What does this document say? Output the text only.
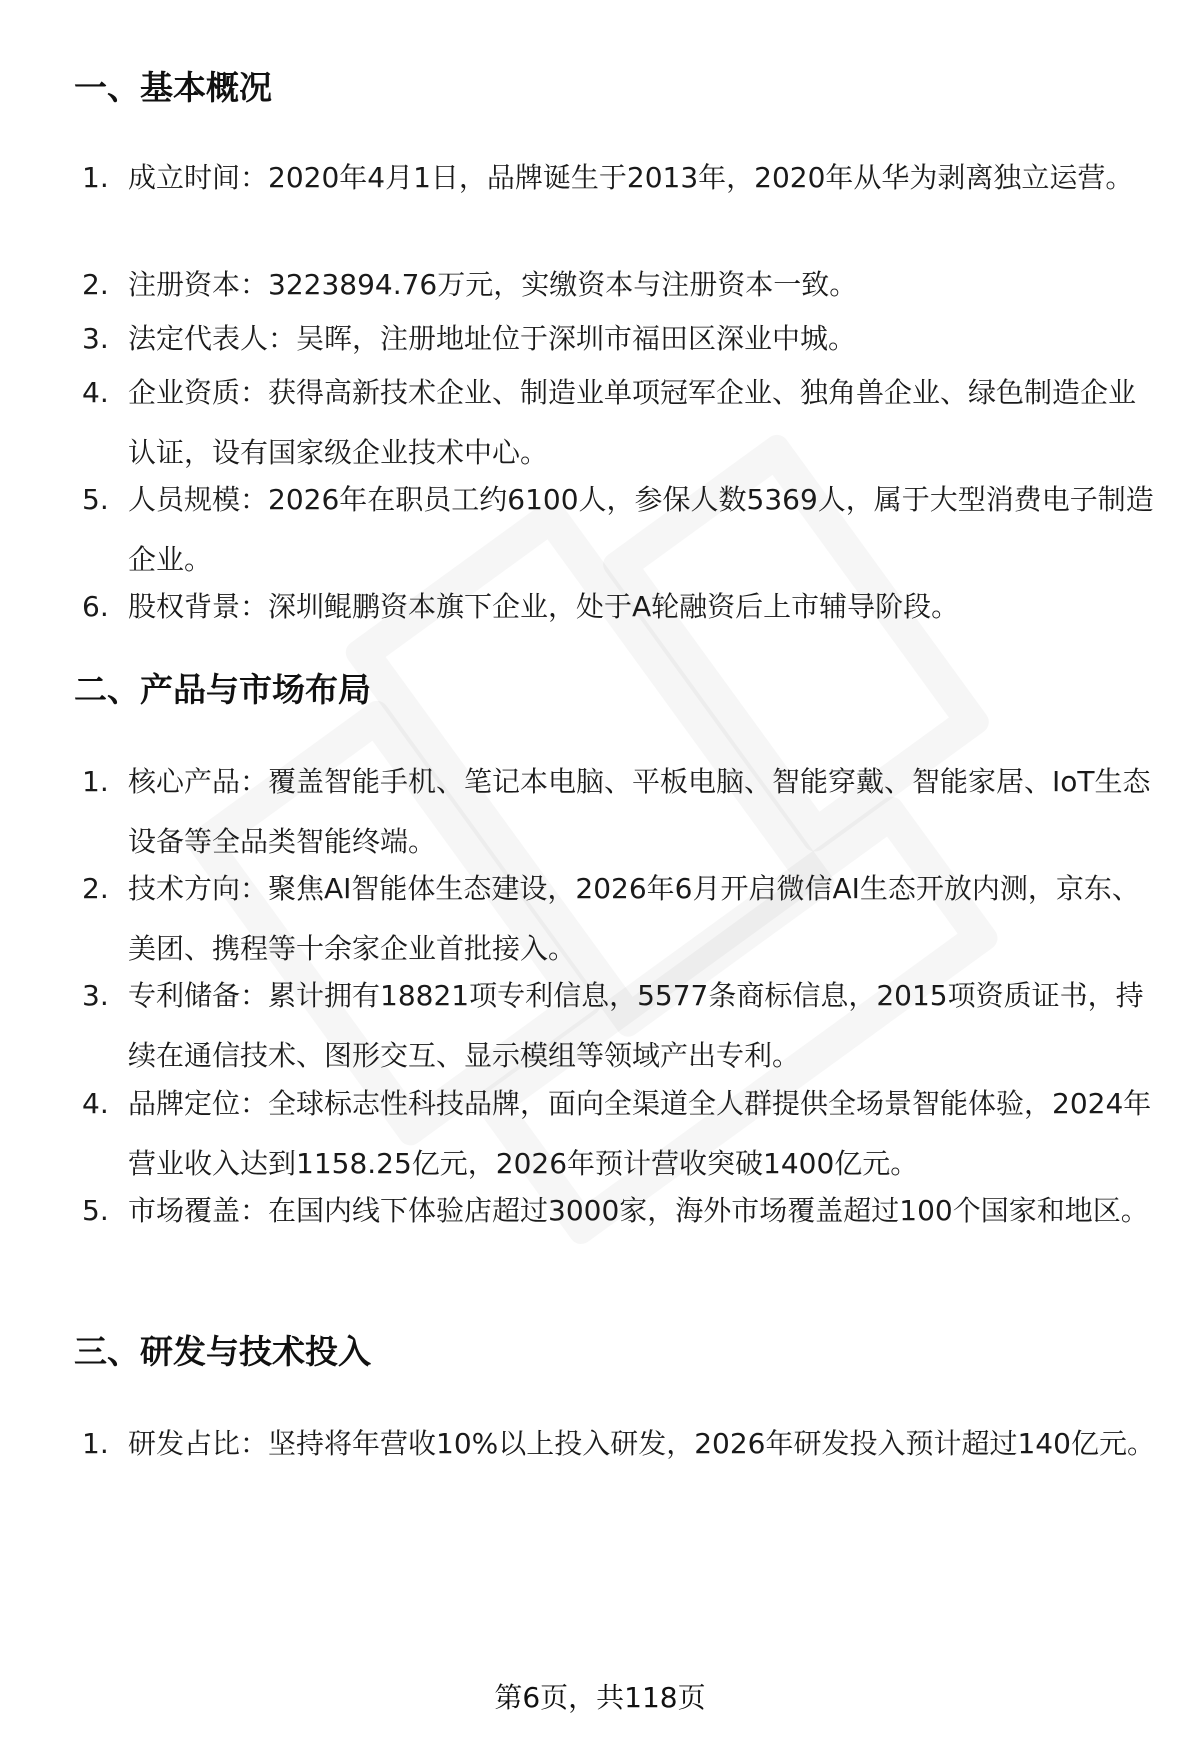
一、基本概况
1. 成立时间：2020年4月1日，品牌诞生于2013年，2020年从华为剥离独立运营。
2. 注册资本：3223894.76万元，实缴资本与注册资本一致。
3. 法定代表人：吴晖，注册地址位于深圳市福田区深业中城。
4. 企业资质：获得高新技术企业、制造业单项冠军企业、独角兽企业、绿色制造企业认证，设有国家级企业技术中心。
5. 人员规模：2026年在职员工约6100人，参保人数5369人，属于大型消费电子制造企业。
6. 股权背景：深圳鲲鹏资本旗下企业，处于A轮融资后上市辅导阶段。
二、产品与市场布局
1. 核心产品：覆盖智能手机、笔记本电脑、平板电脑、智能穿戴、智能家居、IoT生态设备等全品类智能终端。
2. 技术方向：聚焦AI智能体生态建设，2026年6月开启微信AI生态开放内测，京东、美团、携程等十余家企业首批接入。
3. 专利储备：累计拥有18821项专利信息，5577条商标信息，2015项资质证书，持续在通信技术、图形交互、显示模组等领域产出专利。
4. 品牌定位：全球标志性科技品牌，面向全渠道全人群提供全场景智能体验，2024年营业收入达到1158.25亿元，2026年预计营收突破1400亿元。
5. 市场覆盖：在国内线下体验店超过3000家，海外市场覆盖超过100个国家和地区。
三、研发与技术投入
1. 研发占比：坚持将年营收10%以上投入研发，2026年研发投入预计超过140亿元。
第6页，共118页
